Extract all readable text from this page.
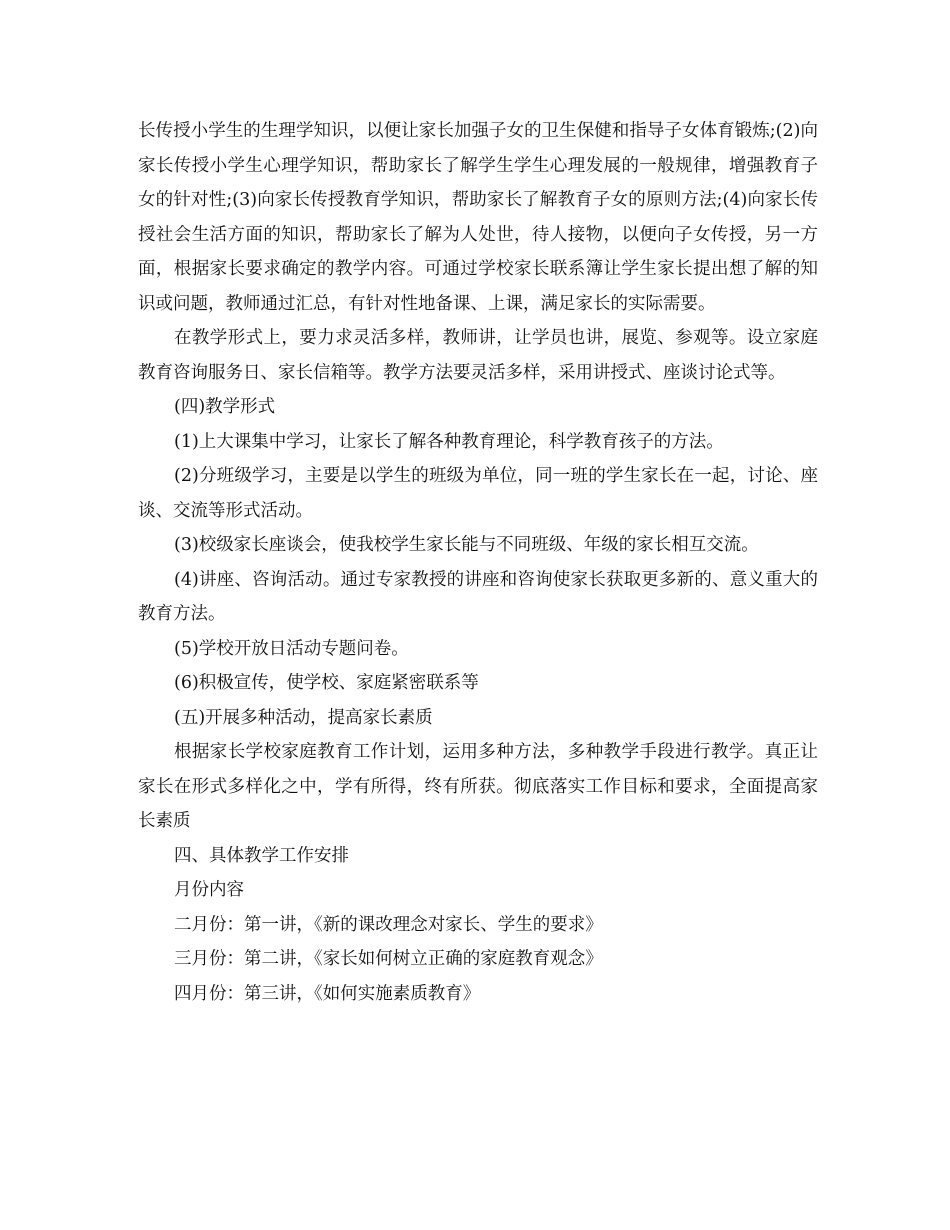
长传授小学生的生理学知识，以便让家长加强子女的卫生保健和指导子女体育锻炼;(2)向家长传授小学生心理学知识，帮助家长了解学生学生心理发展的一般规律，增强教育子女的针对性;(3)向家长传授教育学知识，帮助家长了解教育子女的原则方法;(4)向家长传授社会生活方面的知识，帮助家长了解为人处世，待人接物，以便向子女传授，另一方面，根据家长要求确定的教学内容。可通过学校家长联系簿让学生家长提出想了解的知识或问题，教师通过汇总，有针对性地备课、上课，满足家长的实际需要。

在教学形式上，要力求灵活多样，教师讲，让学员也讲，展览、参观等。设立家庭教育咨询服务日、家长信箱等。教学方法要灵活多样，采用讲授式、座谈讨论式等。

(四)教学形式

(1)上大课集中学习，让家长了解各种教育理论，科学教育孩子的方法。

(2)分班级学习，主要是以学生的班级为单位，同一班的学生家长在一起，讨论、座谈、交流等形式活动。

(3)校级家长座谈会，使我校学生家长能与不同班级、年级的家长相互交流。

(4)讲座、咨询活动。通过专家教授的讲座和咨询使家长获取更多新的、意义重大的教育方法。

(5)学校开放日活动专题问卷。

(6)积极宣传，使学校、家庭紧密联系等

(五)开展多种活动，提高家长素质

根据家长学校家庭教育工作计划，运用多种方法，多种教学手段进行教学。真正让家长在形式多样化之中，学有所得，终有所获。彻底落实工作目标和要求，全面提高家长素质

四、具体教学工作安排

月份内容

二月份：第一讲，《新的课改理念对家长、学生的要求》

三月份：第二讲，《家长如何树立正确的家庭教育观念》

四月份：第三讲，《如何实施素质教育》
